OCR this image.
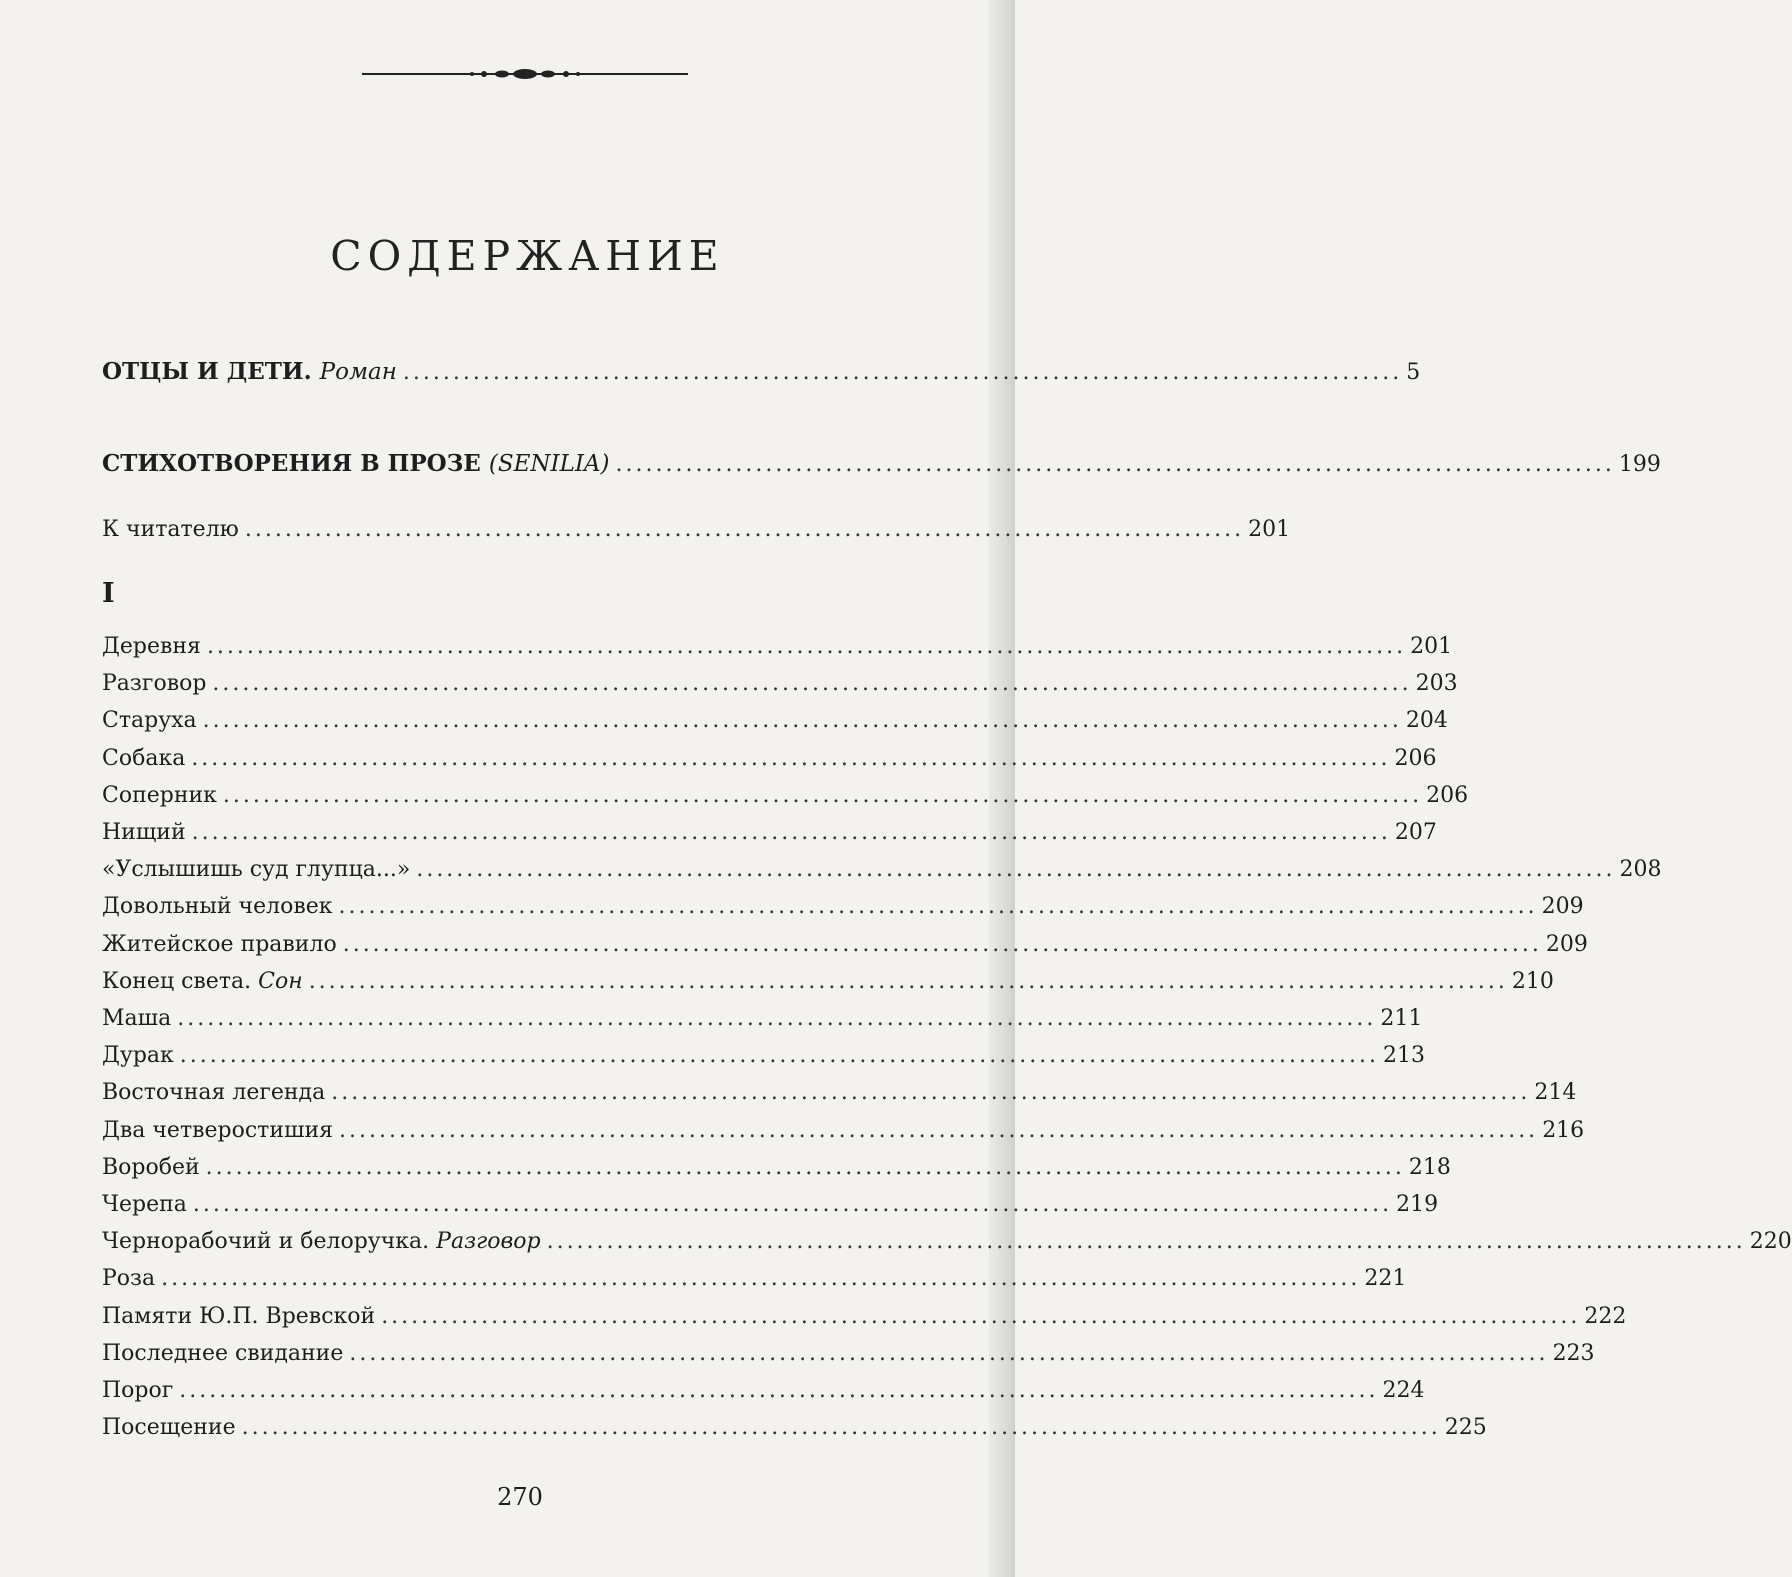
СОДЕРЖАНИЕ
ОТЦЫ И ДЕТИ. Роман .................................................................................................... 5
СТИХОТВОРЕНИЯ В ПРОЗЕ (SENILIA) .................................................................................................... 199
К читателю .................................................................................................... 201
I
Деревня ........................................................................................................................ 201
Разговор ........................................................................................................................ 203
Старуха ........................................................................................................................ 204
Собака ........................................................................................................................ 206
Соперник ........................................................................................................................ 206
Нищий ........................................................................................................................ 207
«Услышишь суд глупца...» ........................................................................................................................ 208
Довольный человек ........................................................................................................................ 209
Житейское правило ........................................................................................................................ 209
Конец света. Сон ........................................................................................................................ 210
Маша ........................................................................................................................ 211
Дурак ........................................................................................................................ 213
Восточная легенда ........................................................................................................................ 214
Два четверостишия ........................................................................................................................ 216
Воробей ........................................................................................................................ 218
Черепа ........................................................................................................................ 219
Чернорабочий и белоручка. Разговор ........................................................................................................................ 220
Роза ........................................................................................................................ 221
Памяти Ю.П. Вревской ........................................................................................................................ 222
Последнее свидание ........................................................................................................................ 223
Порог ........................................................................................................................ 224
Посещение ........................................................................................................................ 225
270
